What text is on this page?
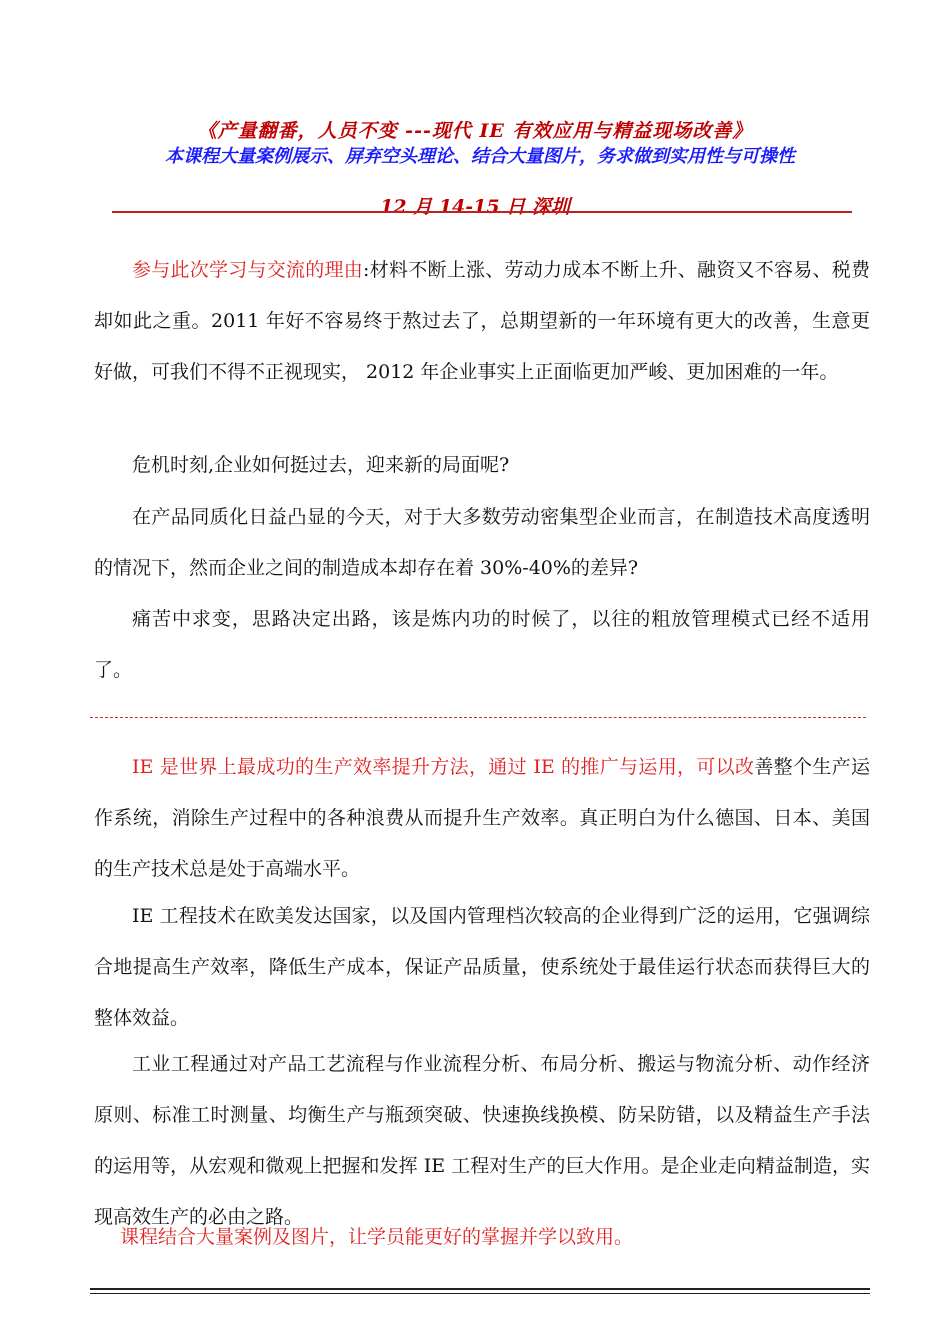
《产量翻番，人员不变 ---现代 IE 有效应用与精益现场改善》
本课程大量案例展示、屏弃空头理论、结合大量图片，务求做到实用性与可操性
12 月 14-15 日 深圳

参与此次学习与交流的理由:材料不断上涨、劳动力成本不断上升、融资又不容易、税费却如此之重。2011 年好不容易终于熬过去了，总期望新的一年环境有更大的改善，生意更好做，可我们不得不正视现实， 2012 年企业事实上正面临更加严峻、更加困难的一年。

危机时刻,企业如何挺过去，迎来新的局面呢?

在产品同质化日益凸显的今天，对于大多数劳动密集型企业而言，在制造技术高度透明的情况下，然而企业之间的制造成本却存在着 30%-40%的差异?

痛苦中求变，思路决定出路，该是炼内功的时候了，以往的粗放管理模式已经不适用了。

IE 是世界上最成功的生产效率提升方法，通过 IE 的推广与运用，可以改善整个生产运作系统，消除生产过程中的各种浪费从而提升生产效率。真正明白为什么德国、日本、美国的生产技术总是处于高端水平。

IE 工程技术在欧美发达国家，以及国内管理档次较高的企业得到广泛的运用，它强调综合地提高生产效率，降低生产成本，保证产品质量，使系统处于最佳运行状态而获得巨大的整体效益。

工业工程通过对产品工艺流程与作业流程分析、布局分析、搬运与物流分析、动作经济原则、标准工时测量、均衡生产与瓶颈突破、快速换线换模、防呆防错，以及精益生产手法的运用等，从宏观和微观上把握和发挥 IE 工程对生产的巨大作用。是企业走向精益制造，实现高效生产的必由之路。

课程结合大量案例及图片，让学员能更好的掌握并学以致用。
